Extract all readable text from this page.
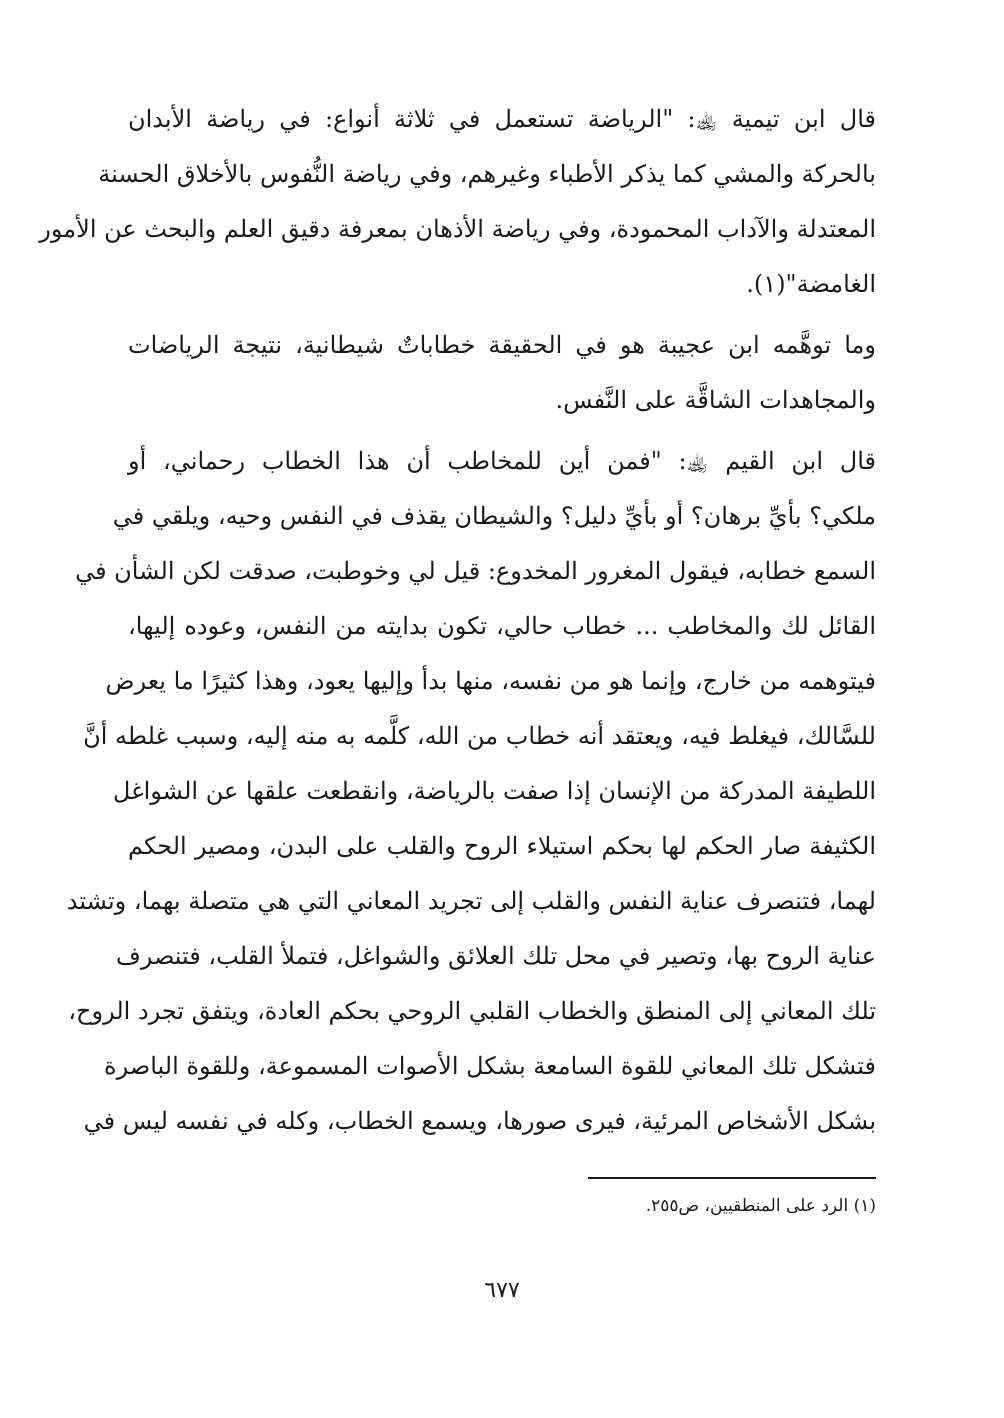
قال ابن تيمية ﵀: "الرياضة تستعمل في ثلاثة أنواع: في رياضة الأبدان
بالحركة والمشي كما يذكر الأطباء وغيرهم، وفي رياضة النُّفوس بالأخلاق الحسنة
المعتدلة والآداب المحمودة، وفي رياضة الأذهان بمعرفة دقيق العلم والبحث عن الأمور
الغامضة"(١).
وما توهَّمه ابن عجيبة هو في الحقيقة خطاباتٌ شيطانية، نتيجة الرياضات
والمجاهدات الشاقَّة على النَّفس.
قال ابن القيم ﵀: "فمن أين للمخاطب أن هذا الخطاب رحماني، أو
ملكي؟ بأيِّ برهان؟ أو بأيِّ دليل؟ والشيطان يقذف في النفس وحيه، ويلقي في
السمع خطابه، فيقول المغرور المخدوع: قيل لي وخوطبت، صدقت لكن الشأن في
القائل لك والمخاطب ... خطاب حالي، تكون بدايته من النفس، وعوده إليها،
فيتوهمه من خارج، وإنما هو من نفسه، منها بدأ وإليها يعود، وهذا كثيرًا ما يعرض
للسَّالك، فيغلط فيه، ويعتقد أنه خطاب من الله، كلَّمه به منه إليه، وسبب غلطه أنَّ
اللطيفة المدركة من الإنسان إذا صفت بالرياضة، وانقطعت علقها عن الشواغل
الكثيفة صار الحكم لها بحكم استيلاء الروح والقلب على البدن، ومصير الحكم
لهما، فتنصرف عناية النفس والقلب إلى تجريد المعاني التي هي متصلة بهما، وتشتد
عناية الروح بها، وتصير في محل تلك العلائق والشواغل، فتملأ القلب، فتنصرف
تلك المعاني إلى المنطق والخطاب القلبي الروحي بحكم العادة، ويتفق تجرد الروح،
فتشكل تلك المعاني للقوة السامعة بشكل الأصوات المسموعة، وللقوة الباصرة
بشكل الأشخاص المرئية، فيرى صورها، ويسمع الخطاب، وكله في نفسه ليس في
(١) الرد على المنطقيين، ص٢٥٥.
٦٧٧
